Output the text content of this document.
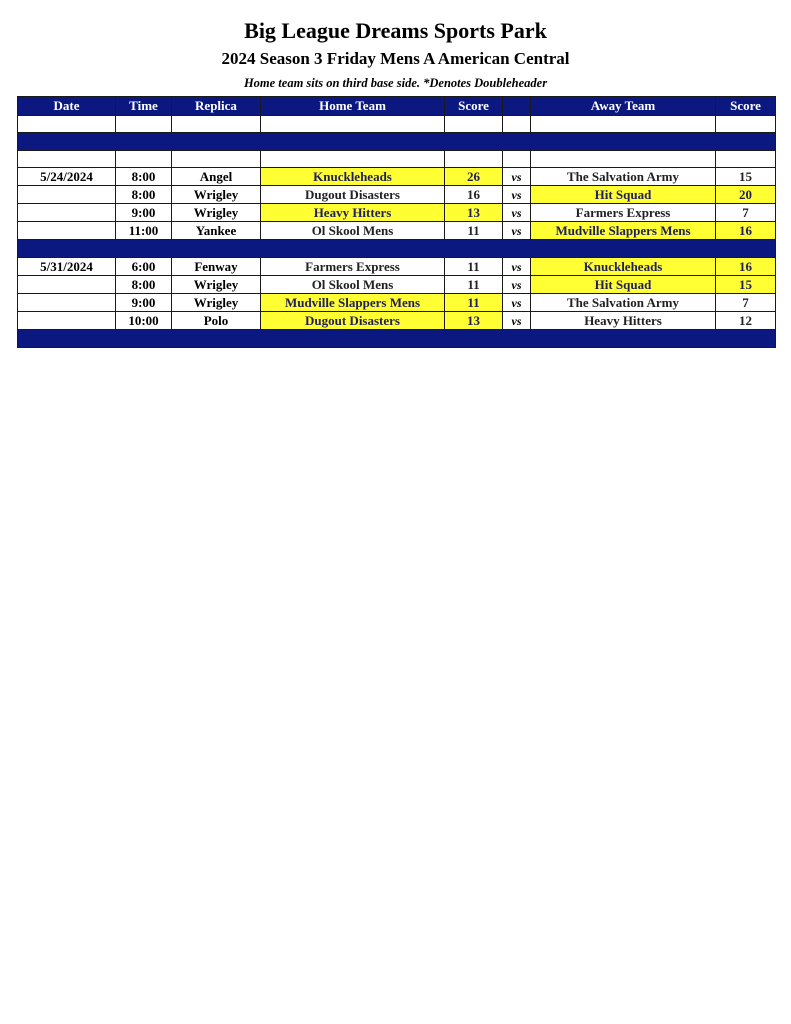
Big League Dreams Sports Park
2024 Season 3 Friday Mens A American Central

Home team sits on third base side. *Denotes Doubleheader

Date	Time	Replica	Home Team	Score		Away Team	Score

5/24/2024	8:00	Angel	Knuckleheads	26	vs	The Salvation Army	15
	8:00	Wrigley	Dugout Disasters	16	vs	Hit Squad	20
	9:00	Wrigley	Heavy Hitters	13	vs	Farmers Express	7
	11:00	Yankee	Ol Skool Mens	11	vs	Mudville Slappers Mens	16

5/31/2024	6:00	Fenway	Farmers Express	11	vs	Knuckleheads	16
	8:00	Wrigley	Ol Skool Mens	11	vs	Hit Squad	15
	9:00	Wrigley	Mudville Slappers Mens	11	vs	The Salvation Army	7
	10:00	Polo	Dugout Disasters	13	vs	Heavy Hitters	12
